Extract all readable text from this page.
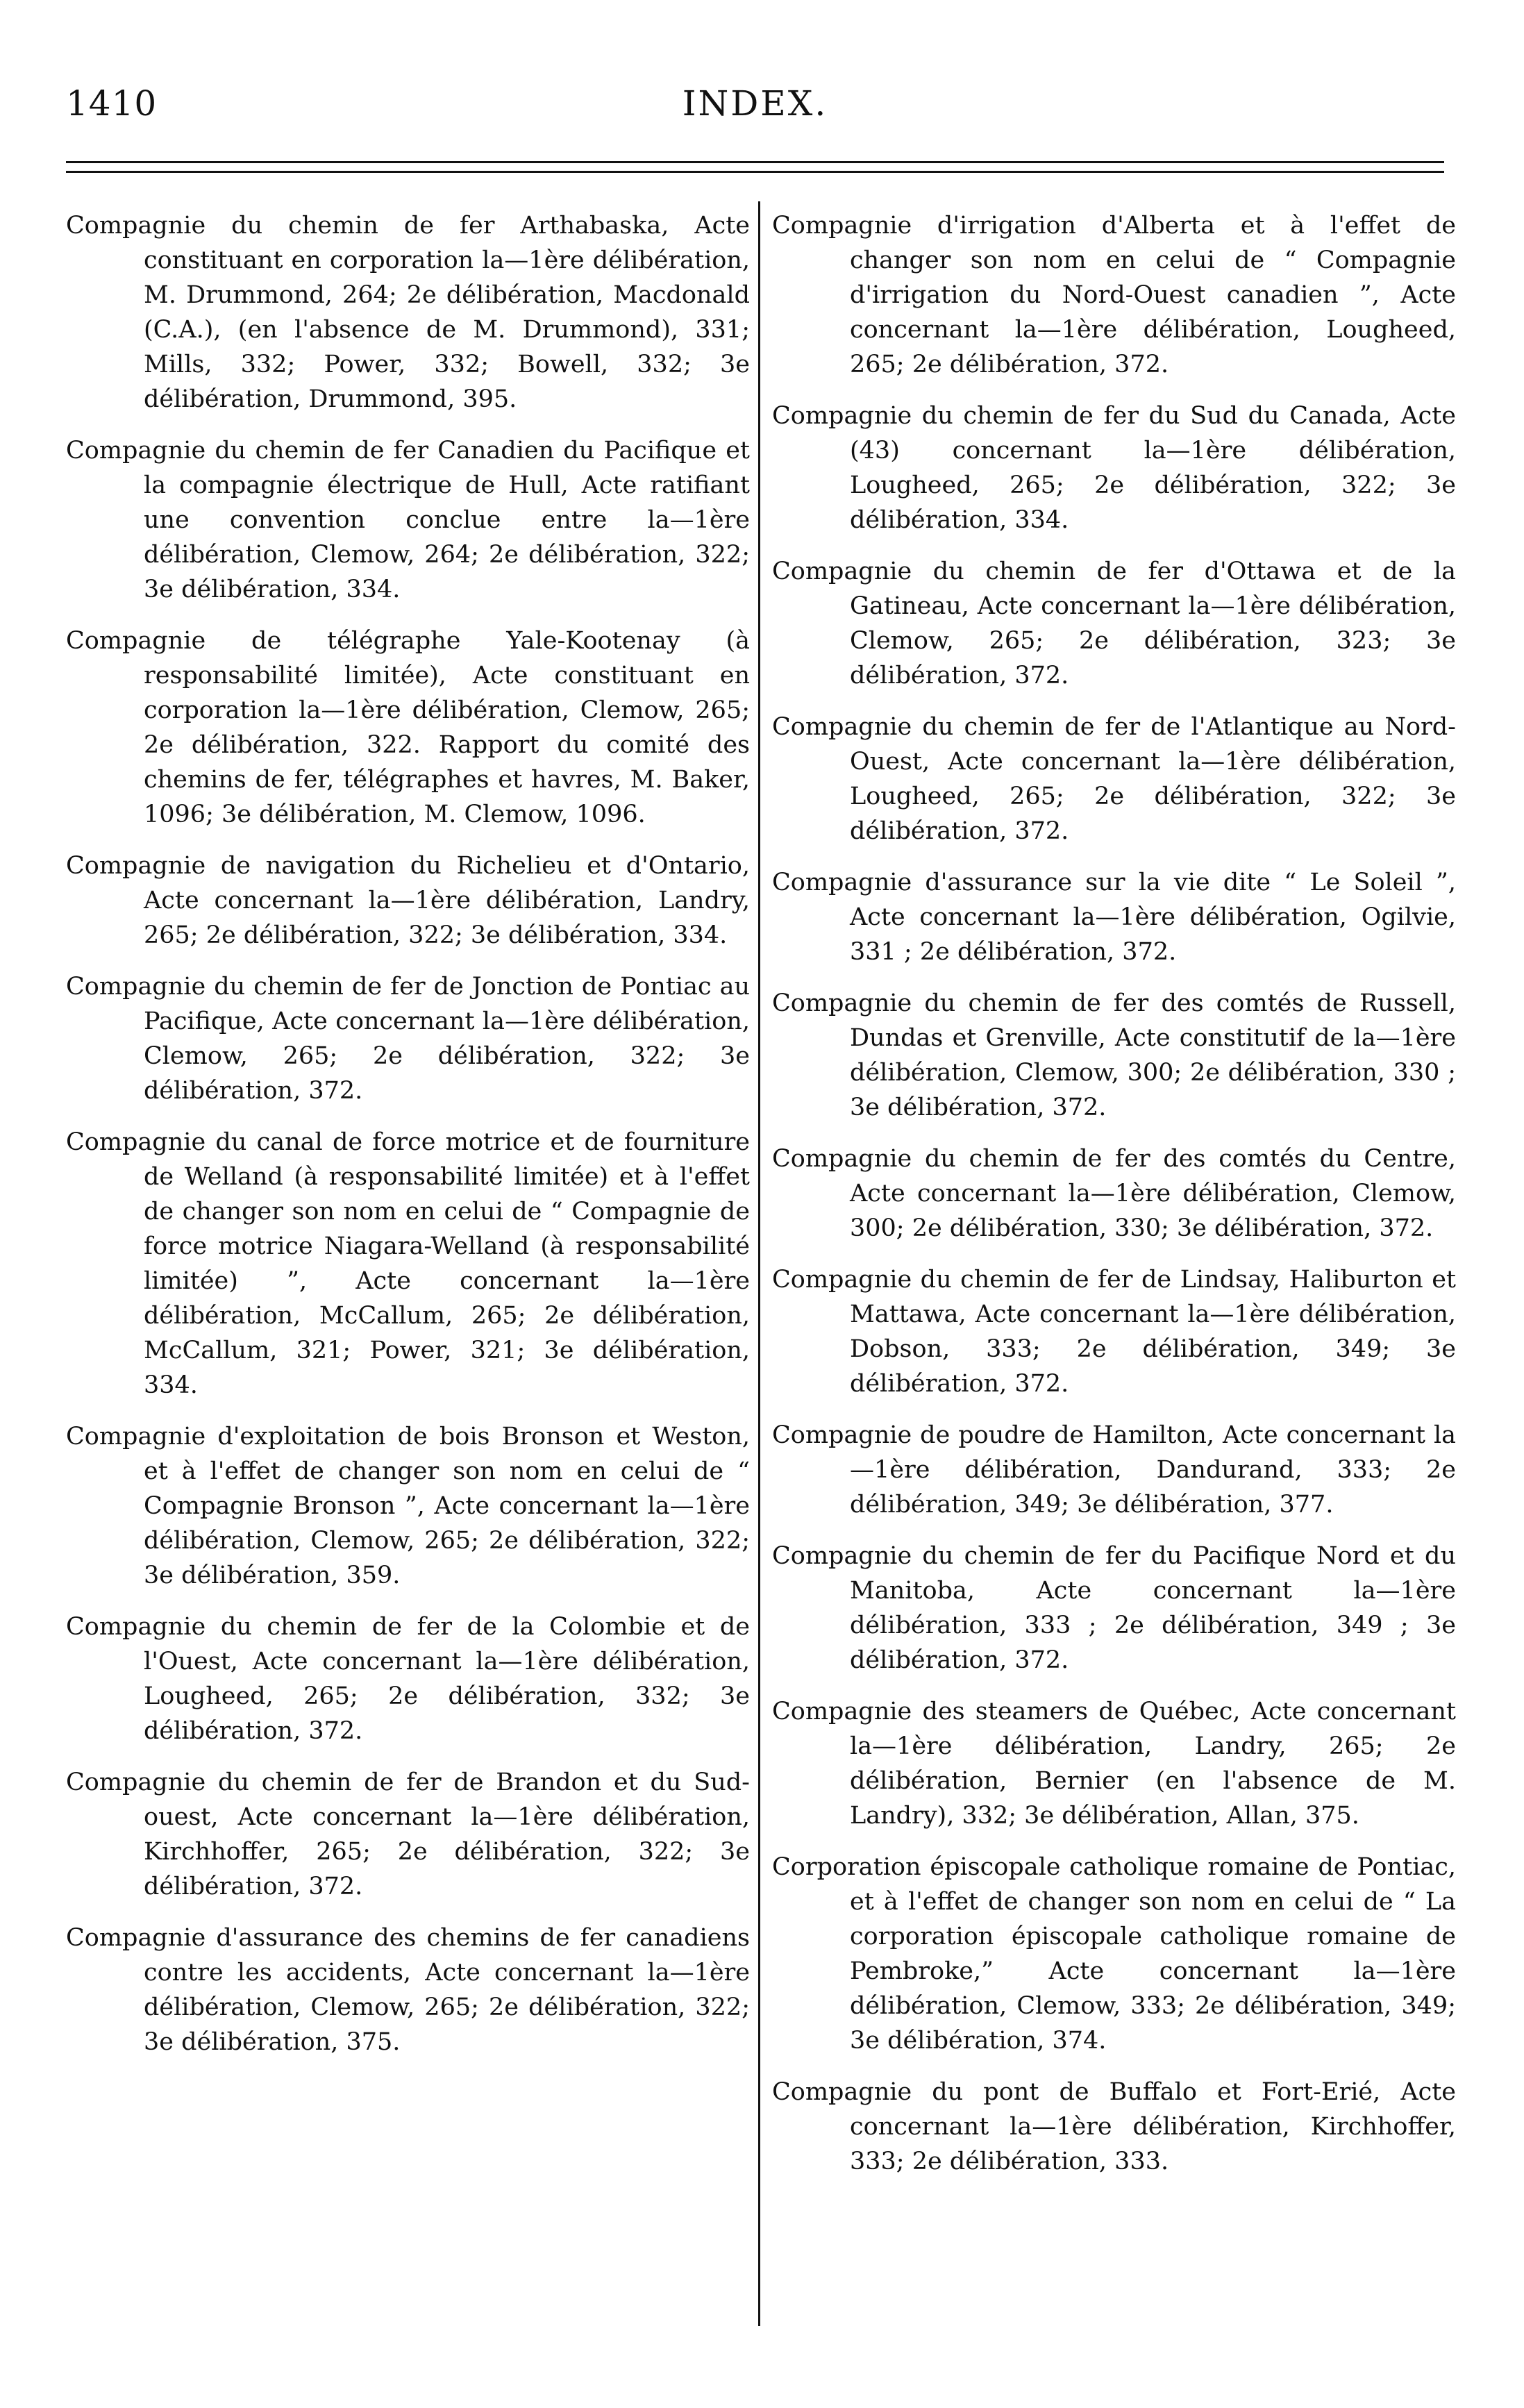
1410	INDEX.

Compagnie du chemin de fer Arthabaska, Acte constituant en corporation la—1ère délibération, M. Drummond, 264; 2e délibération, Macdonald (C.A.), (en l'absence de M. Drummond), 331; Mills, 332; Power, 332; Bowell, 332; 3e délibération, Drummond, 395.

Compagnie du chemin de fer Canadien du Pacifique et la compagnie électrique de Hull, Acte ratifiant une convention conclue entre la—1ère délibération, Clemow, 264; 2e délibération, 322; 3e délibération, 334.

Compagnie de télégraphe Yale-Kootenay (à responsabilité limitée), Acte constituant en corporation la—1ère délibération, Clemow, 265; 2e délibération, 322. Rapport du comité des chemins de fer, télégraphes et havres, M. Baker, 1096; 3e délibération, M. Clemow, 1096.

Compagnie de navigation du Richelieu et d'Ontario, Acte concernant la—1ère délibération, Landry, 265; 2e délibération, 322; 3e délibération, 334.

Compagnie du chemin de fer de Jonction de Pontiac au Pacifique, Acte concernant la—1ère délibération, Clemow, 265; 2e délibération, 322; 3e délibération, 372.

Compagnie du canal de force motrice et de fourniture de Welland (à responsabilité limitée) et à l'effet de changer son nom en celui de “ Compagnie de force motrice Niagara-Welland (à responsabilité limitée) ”, Acte concernant la—1ère délibération, McCallum, 265; 2e délibération, McCallum, 321; Power, 321; 3e délibération, 334.

Compagnie d'exploitation de bois Bronson et Weston, et à l'effet de changer son nom en celui de “ Compagnie Bronson ”, Acte concernant la—1ère délibération, Clemow, 265; 2e délibération, 322; 3e délibération, 359.

Compagnie du chemin de fer de la Colombie et de l'Ouest, Acte concernant la—1ère délibération, Lougheed, 265; 2e délibération, 332; 3e délibération, 372.

Compagnie du chemin de fer de Brandon et du Sud-ouest, Acte concernant la—1ère délibération, Kirchhoffer, 265; 2e délibération, 322; 3e délibération, 372.

Compagnie d'assurance des chemins de fer canadiens contre les accidents, Acte concernant la—1ère délibération, Clemow, 265; 2e délibération, 322; 3e délibération, 375.

Compagnie d'irrigation d'Alberta et à l'effet de changer son nom en celui de “ Compagnie d'irrigation du Nord-Ouest canadien ”, Acte concernant la—1ère délibération, Lougheed, 265; 2e délibération, 372.

Compagnie du chemin de fer du Sud du Canada, Acte (43) concernant la—1ère délibération, Lougheed, 265; 2e délibération, 322; 3e délibération, 334.

Compagnie du chemin de fer d'Ottawa et de la Gatineau, Acte concernant la—1ère délibération, Clemow, 265; 2e délibération, 323; 3e délibération, 372.

Compagnie du chemin de fer de l'Atlantique au Nord-Ouest, Acte concernant la—1ère délibération, Lougheed, 265; 2e délibération, 322; 3e délibération, 372.

Compagnie d'assurance sur la vie dite “ Le Soleil ”, Acte concernant la—1ère délibération, Ogilvie, 331 ; 2e délibération, 372.

Compagnie du chemin de fer des comtés de Russell, Dundas et Grenville, Acte constitutif de la—1ère délibération, Clemow, 300; 2e délibération, 330 ; 3e délibération, 372.

Compagnie du chemin de fer des comtés du Centre, Acte concernant la—1ère délibération, Clemow, 300; 2e délibération, 330; 3e délibération, 372.

Compagnie du chemin de fer de Lindsay, Haliburton et Mattawa, Acte concernant la—1ère délibération, Dobson, 333; 2e délibération, 349; 3e délibération, 372.

Compagnie de poudre de Hamilton, Acte concernant la—1ère délibération, Dandurand, 333; 2e délibération, 349; 3e délibération, 377.

Compagnie du chemin de fer du Pacifique Nord et du Manitoba, Acte concernant la—1ère délibération, 333 ; 2e délibération, 349 ; 3e délibération, 372.

Compagnie des steamers de Québec, Acte concernant la—1ère délibération, Landry, 265; 2e délibération, Bernier (en l'absence de M. Landry), 332; 3e délibération, Allan, 375.

Corporation épiscopale catholique romaine de Pontiac, et à l'effet de changer son nom en celui de “ La corporation épiscopale catholique romaine de Pembroke,” Acte concernant la—1ère délibération, Clemow, 333; 2e délibération, 349; 3e délibération, 374.

Compagnie du pont de Buffalo et Fort-Erié, Acte concernant la—1ère délibération, Kirchhoffer, 333; 2e délibération, 333.
